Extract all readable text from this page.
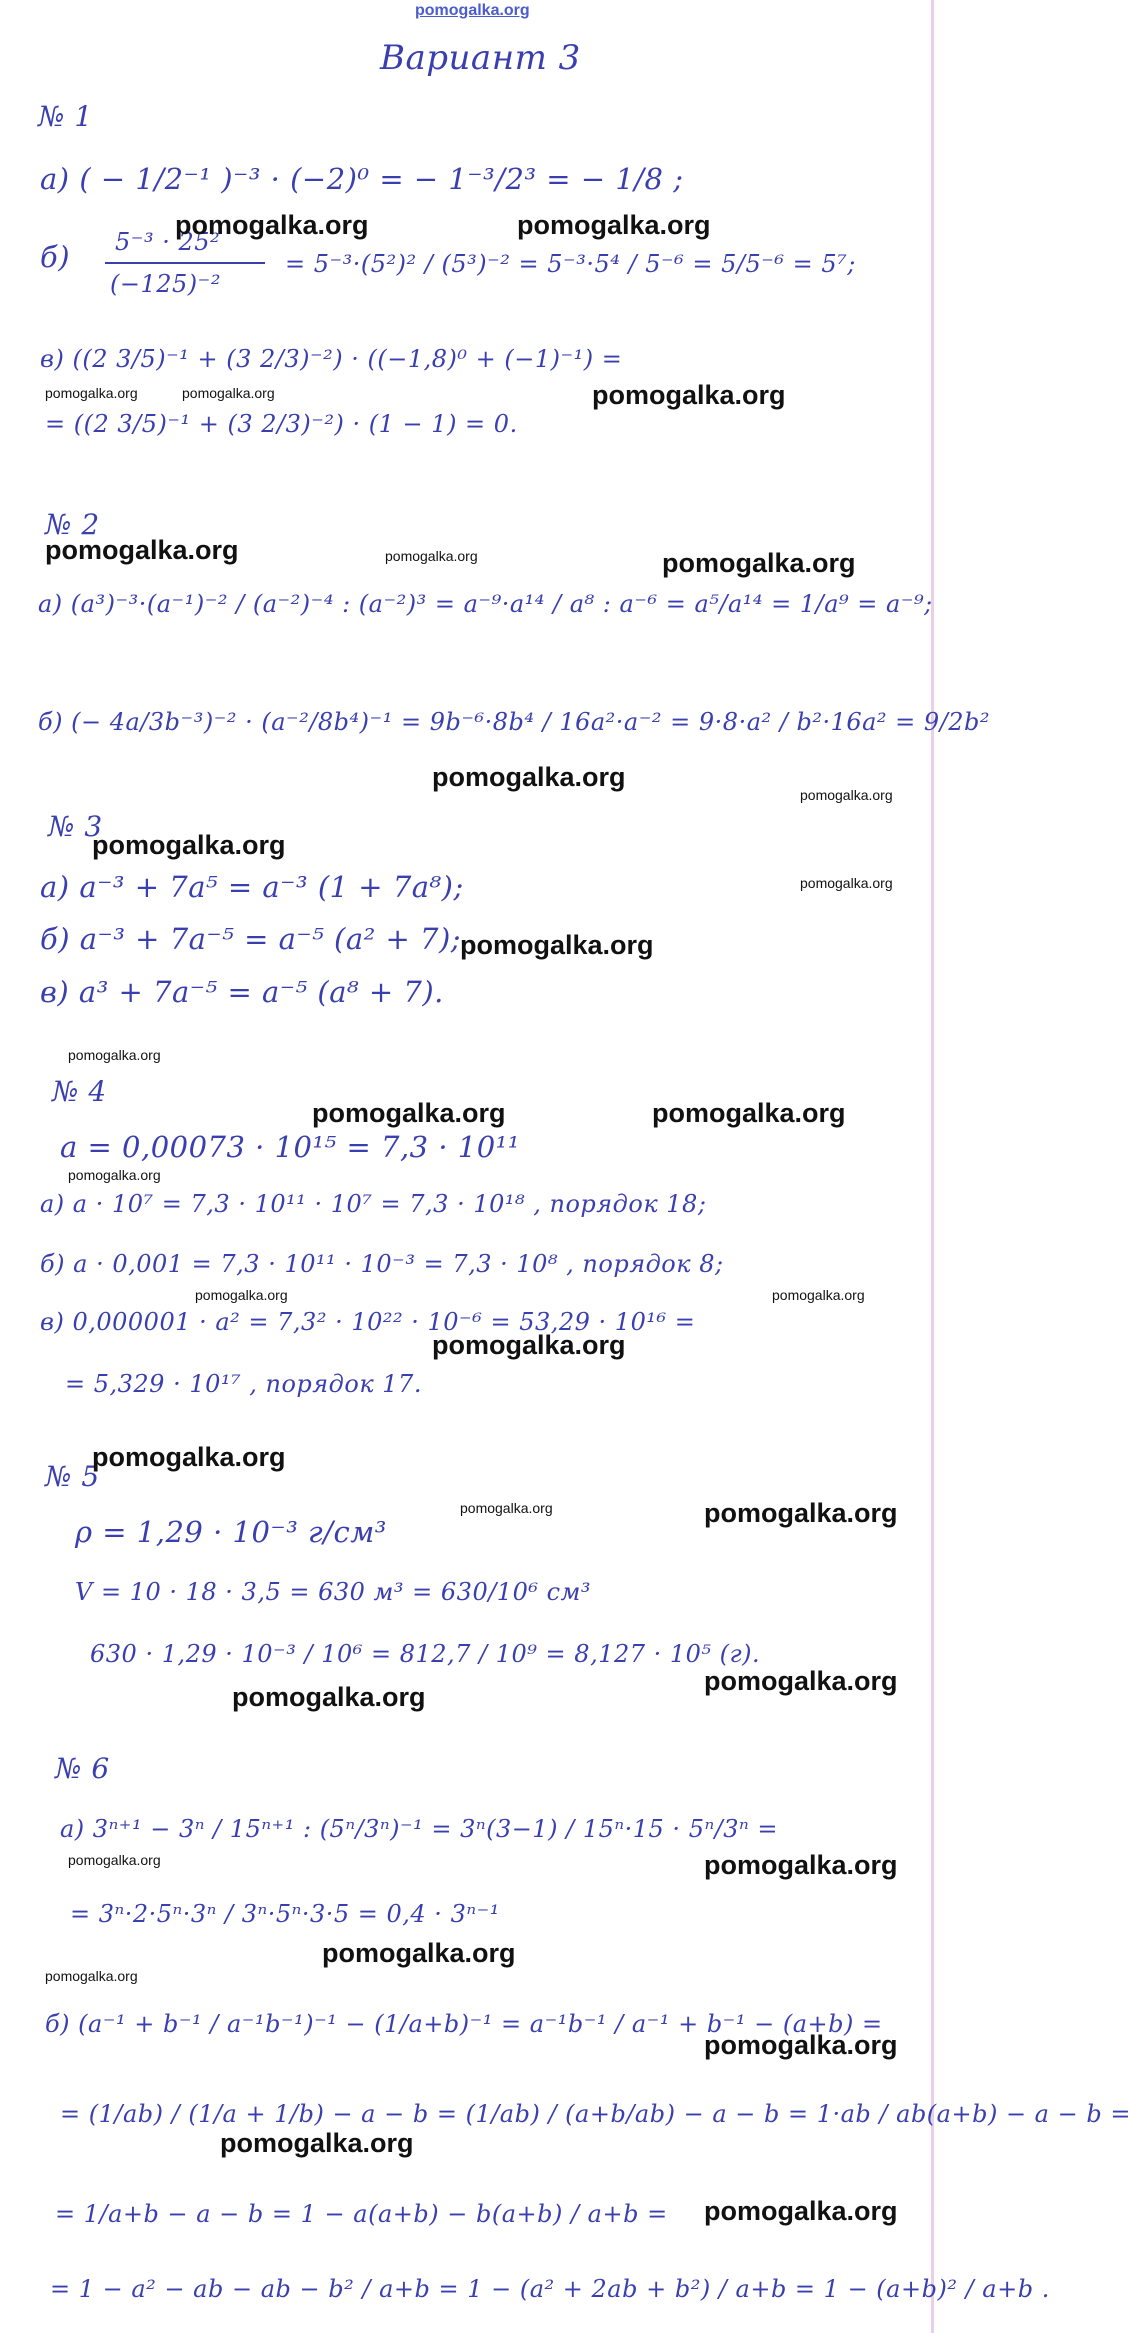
pomogalka.org
Вариант 3
№ 1
а) ( − 1/2⁻¹ )⁻³ · (−2)⁰ = − 1⁻³/2³ = − 1/8 ;
б) 5⁻³ · 25²
(−125)⁻²
= 5⁻³·(5²)² / (5³)⁻² = 5⁻³·5⁴ / 5⁻⁶ = 5/5⁻⁶ = 5⁷;
в) ((2 3/5)⁻¹ + (3 2/3)⁻²) · ((−1,8)⁰ + (−1)⁻¹) =
= ((2 3/5)⁻¹ + (3 2/3)⁻²) · (1 − 1) = 0.
№ 2
а) (a³)⁻³·(a⁻¹)⁻² / (a⁻²)⁻⁴ : (a⁻²)³ = a⁻⁹·a¹⁴ / a⁸ : a⁻⁶ = a⁵/a¹⁴ = 1/a⁹ = a⁻⁹;
б) (− 4a/3b⁻³)⁻² · (a⁻²/8b⁴)⁻¹ = 9b⁻⁶·8b⁴ / 16a²·a⁻² = 9·8·a² / b²·16a² = 9/2b²
№ 3
а) a⁻³ + 7a⁵ = a⁻³ (1 + 7a⁸);
б) a⁻³ + 7a⁻⁵ = a⁻⁵ (a² + 7);
в) a³ + 7a⁻⁵ = a⁻⁵ (a⁸ + 7).
№ 4
a = 0,00073 · 10¹⁵ = 7,3 · 10¹¹
а) a · 10⁷ = 7,3 · 10¹¹ · 10⁷ = 7,3 · 10¹⁸ , порядок 18;
б) a · 0,001 = 7,3 · 10¹¹ · 10⁻³ = 7,3 · 10⁸ , порядок 8;
в) 0,000001 · a² = 7,3² · 10²² · 10⁻⁶ = 53,29 · 10¹⁶ =
= 5,329 · 10¹⁷ , порядок 17.
№ 5
ρ = 1,29 · 10⁻³ г/см³
V = 10 · 18 · 3,5 = 630 м³ = 630/10⁶ см³
630 · 1,29 · 10⁻³ / 10⁶ = 812,7 / 10⁹ = 8,127 · 10⁵ (г).
№ 6
а) 3ⁿ⁺¹ − 3ⁿ / 15ⁿ⁺¹ : (5ⁿ/3ⁿ)⁻¹ = 3ⁿ(3−1) / 15ⁿ·15 · 5ⁿ/3ⁿ =
= 3ⁿ·2·5ⁿ·3ⁿ / 3ⁿ·5ⁿ·3·5 = 0,4 · 3ⁿ⁻¹
б) (a⁻¹ + b⁻¹ / a⁻¹b⁻¹)⁻¹ − (1/a+b)⁻¹ = a⁻¹b⁻¹ / a⁻¹ + b⁻¹ − (a+b) =
= (1/ab) / (1/a + 1/b) − a − b = (1/ab) / (a+b/ab) − a − b = 1·ab / ab(a+b) − a − b =
= 1/a+b − a − b = 1 − a(a+b) − b(a+b) / a+b =
= 1 − a² − ab − ab − b² / a+b = 1 − (a² + 2ab + b²) / a+b = 1 − (a+b)² / a+b .
pomogalka.org	pomogalka.org
pomogalka.org	pomogalka.org	pomogalka.org
pomogalka.org	pomogalka.org	pomogalka.org
pomogalka.org
pomogalka.org
pomogalka.org
pomogalka.org
pomogalka.org
pomogalka.org
pomogalka.org	pomogalka.org
pomogalka.org
pomogalka.org	pomogalka.org
pomogalka.org
pomogalka.org
pomogalka.org	pomogalka.org
pomogalka.org
pomogalka.org
pomogalka.org	pomogalka.org
pomogalka.org
pomogalka.org
pomogalka.org
pomogalka.org
pomogalka.org
